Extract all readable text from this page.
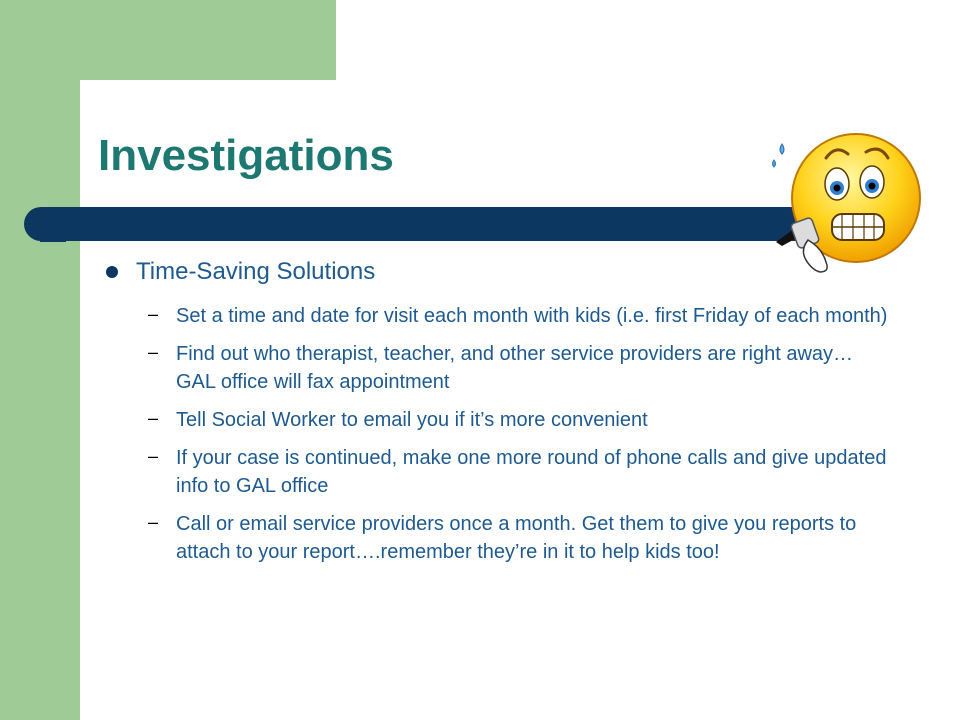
Investigations
Time-Saving Solutions
– Set a time and date for visit each month with kids (i.e. first Friday of each month)
– Find out who therapist, teacher, and other service providers are right away…GAL office will fax appointment
– Tell Social Worker to email you if it’s more convenient
– If your case is continued, make one more round of phone calls and give updated info to GAL office
– Call or email service providers once a month. Get them to give you reports to attach to your report….remember they’re in it to help kids too!
